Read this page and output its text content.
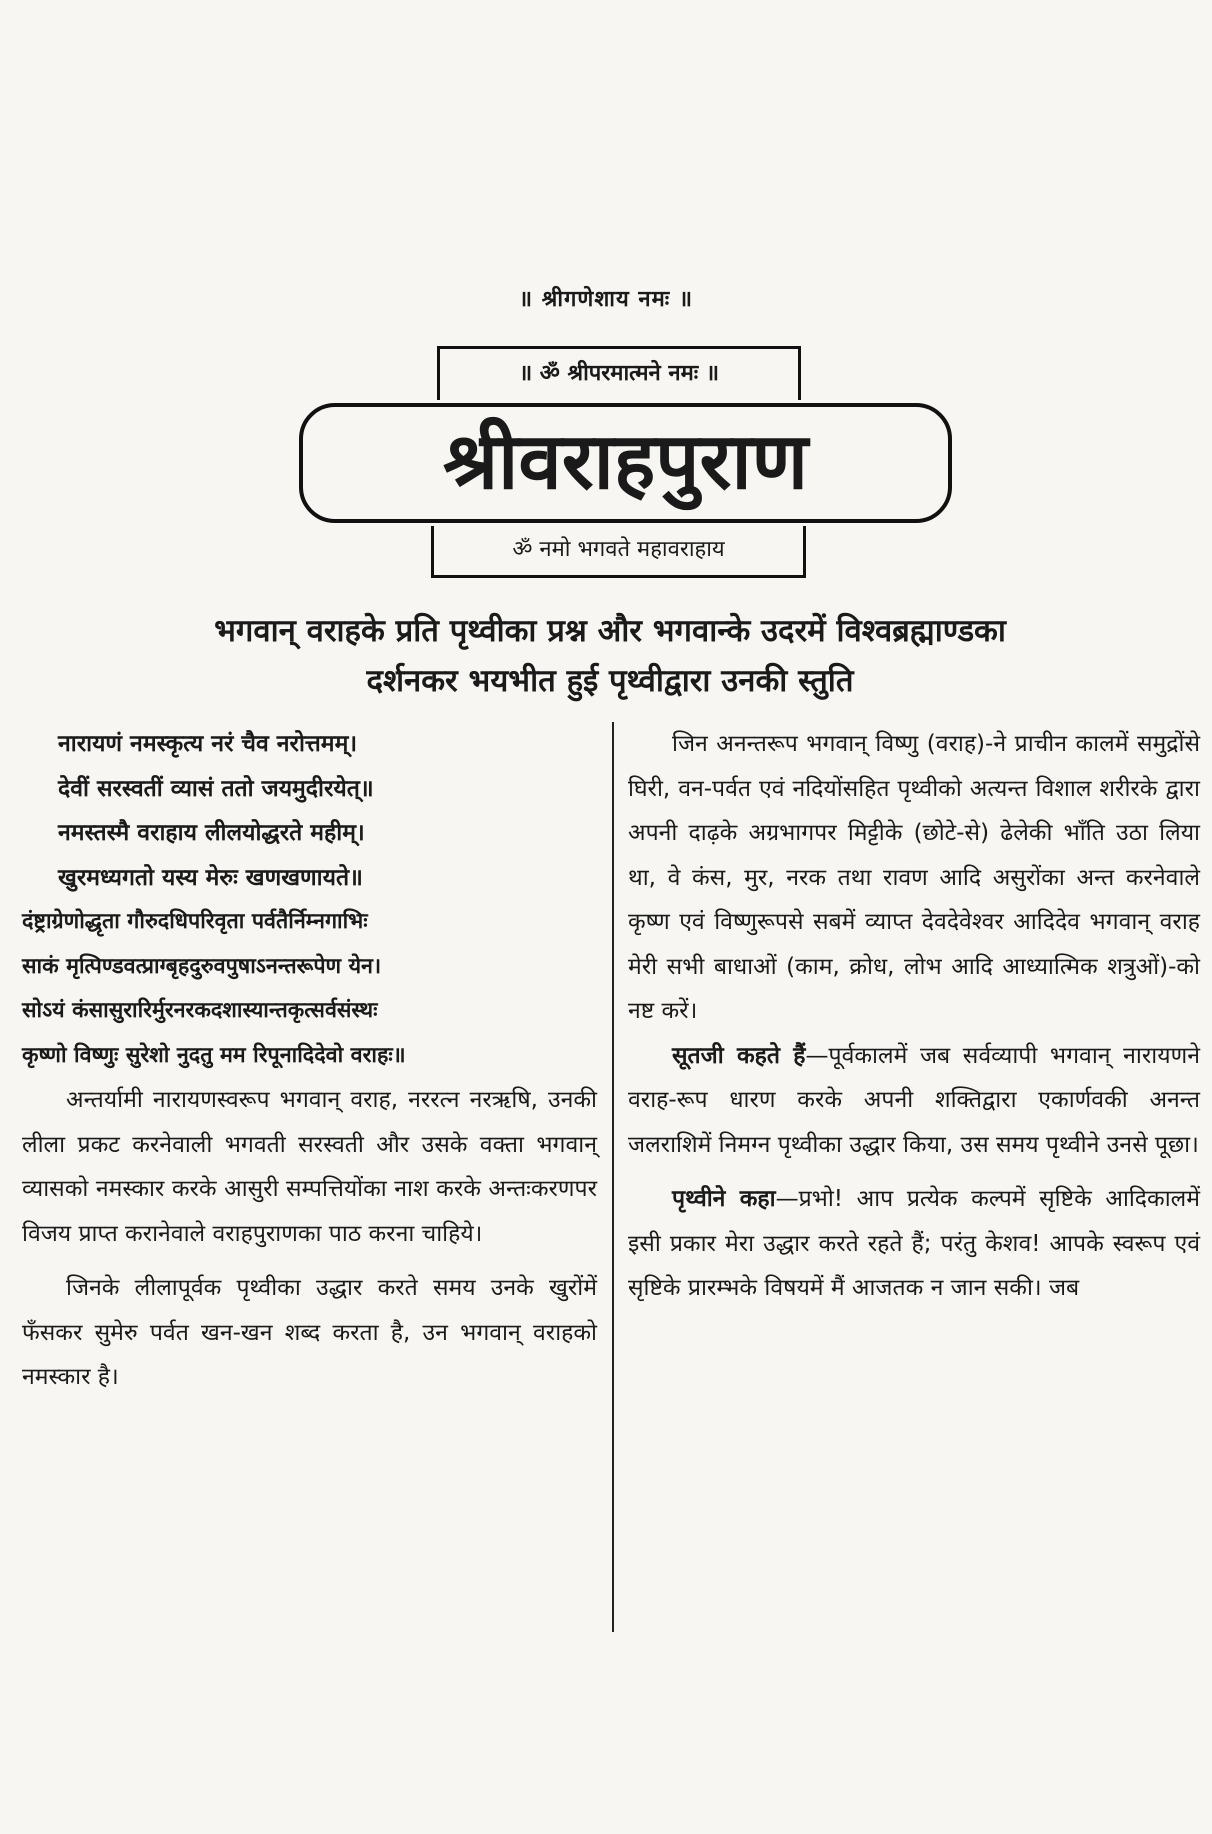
॥ श्रीगणेशाय नमः ॥
॥ ॐ श्रीपरमात्मने नमः ॥
श्रीवराहपुराण
ॐ नमो भगवते महावराहाय
भगवान् वराहके प्रति पृथ्वीका प्रश्न और भगवान्के उदरमें विश्वब्रह्माण्डका
दर्शनकर भयभीत हुई पृथ्वीद्वारा उनकी स्तुति
नारायणं नमस्कृत्य नरं चैव नरोत्तमम्।
देवीं सरस्वतीं व्यासं ततो जयमुदीरयेत्॥
नमस्तस्मै वराहाय लीलयोद्धरते महीम्।
खुरमध्यगतो यस्य मेरुः खणखणायते॥
दंष्ट्राग्रेणोद्धृता गौरुदधिपरिवृता पर्वतैर्निम्नगाभिः
साकं मृत्पिण्डवत्प्राग्बृहदुरुवपुषाऽनन्तरूपेण येन।
सोऽयं कंसासुरारिर्मुरनरकदशास्यान्तकृत्सर्वसंस्थः
कृष्णो विष्णुः सुरेशो नुदतु मम रिपूनादिदेवो वराहः॥
अन्तर्यामी नारायणस्वरूप भगवान् वराह, नररत्न नरऋषि, उनकी लीला प्रकट करनेवाली भगवती सरस्वती और उसके वक्ता भगवान् व्यासको नमस्कार करके आसुरी सम्पत्तियोंका नाश करके अन्तःकरणपर विजय प्राप्त करानेवाले वराहपुराणका पाठ करना चाहिये।
जिनके लीलापूर्वक पृथ्वीका उद्धार करते समय उनके खुरोंमें फँसकर सुमेरु पर्वत खन-खन शब्द करता है, उन भगवान् वराहको नमस्कार है।
जिन अनन्तरूप भगवान् विष्णु (वराह)-ने प्राचीन कालमें समुद्रोंसे घिरी, वन-पर्वत एवं नदियोंसहित पृथ्वीको अत्यन्त विशाल शरीरके द्वारा अपनी दाढ़के अग्रभागपर मिट्टीके (छोटे-से) ढेलेकी भाँति उठा लिया था, वे कंस, मुर, नरक तथा रावण आदि असुरोंका अन्त करनेवाले कृष्ण एवं विष्णुरूपसे सबमें व्याप्त देवदेवेश्वर आदिदेव भगवान् वराह मेरी सभी बाधाओं (काम, क्रोध, लोभ आदि आध्यात्मिक शत्रुओं)-को नष्ट करें।
सूतजी कहते हैं—पूर्वकालमें जब सर्वव्यापी भगवान् नारायणने वराह-रूप धारण करके अपनी शक्तिद्वारा एकार्णवकी अनन्त जलराशिमें निमग्न पृथ्वीका उद्धार किया, उस समय पृथ्वीने उनसे पूछा।
पृथ्वीने कहा—प्रभो! आप प्रत्येक कल्पमें सृष्टिके आदिकालमें इसी प्रकार मेरा उद्धार करते रहते हैं; परंतु केशव! आपके स्वरूप एवं सृष्टिके प्रारम्भके विषयमें मैं आजतक न जान सकी। जब
